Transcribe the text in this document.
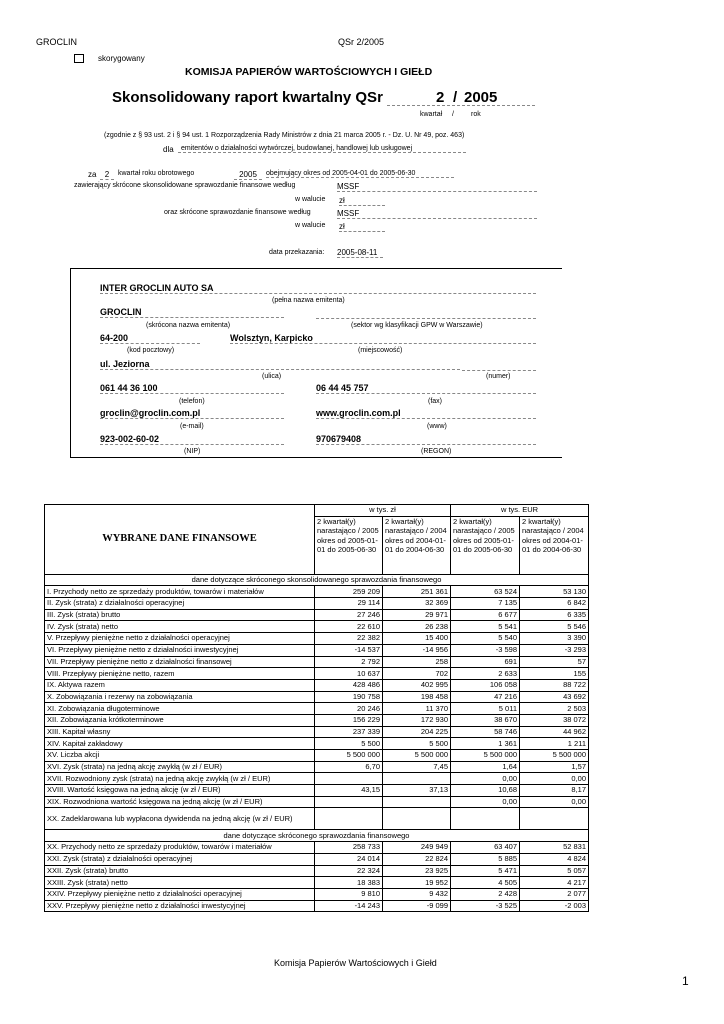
GROCLIN	QSr 2/2005
skorygowany
KOMISJA PAPIERÓW WARTOŚCIOWYCH I GIEŁD
Skonsolidowany raport kwartalny QSr	2 / 2005
kwartał / rok
(zgodnie z § 93 ust. 2 i § 94 ust. 1 Rozporządzenia Rady Ministrów z dnia 21 marca 2005 r. - Dz. U. Nr 49, poz. 463)
dla	emitentów o działalności wytwórczej, budowlanej, handlowej lub usługowej
za	2	kwartał roku obrotowego	2005	obejmujący okres od 2005-04-01 do 2005-06-30
zawierający skrócone skonsolidowane sprawozdanie finansowe według	MSSF
w walucie zł
oraz skrócone sprawozdanie finansowe według	MSSF
w walucie zł
data przekazania: 2005-08-11
INTER GROCLIN AUTO SA
(pełna nazwa emitenta)
GROCLIN
(skrócona nazwa emitenta)	(sektor wg klasyfikacji GPW w Warszawie)
64-200	Wolsztyn, Karpicko
(kod pocztowy)	(miejscowość)
ul. Jeziorna
(ulica)	(numer)
061 44 36 100	06 44 45 757
(telefon)	(fax)
groclin@groclin.com.pl	www.groclin.com.pl
(e-mail)	(www)
923-002-60-02	970679408
(NIP)	(REGON)
WYBRANE DANE FINANSOWE	w tys. zł		w tys. EUR	
	2 kwartał(y) narastająco / 2005 okres od 2005-01-01 do 2005-06-30	2 kwartał(y) narastająco / 2004 okres od 2004-01-01 do 2004-06-30	2 kwartał(y) narastająco / 2005 okres od 2005-01-01 do 2005-06-30	2 kwartał(y) narastająco / 2004 okres od 2004-01-01 do 2004-06-30
dane dotyczące skróconego skonsolidowanego sprawozdania finansowego				
I. Przychody netto ze sprzedaży produktów, towarów i materiałów	259 209	251 361	63 524	53 130
II. Zysk (strata) z działalności operacyjnej	29 114	32 369	7 135	6 842
III. Zysk (strata) brutto	27 246	29 971	6 677	6 335
IV. Zysk (strata) netto	22 610	26 238	5 541	5 546
V. Przepływy pieniężne netto z działalności operacyjnej	22 382	15 400	5 540	3 390
VI. Przepływy pieniężne netto z działalności inwestycyjnej	-14 537	-14 956	-3 598	-3 293
VII. Przepływy pieniężne netto z działalności finansowej	2 792	258	691	57
VIII. Przepływy pieniężne netto, razem	10 637	702	2 633	155
IX. Aktywa razem	428 486	402 995	106 058	88 722
X. Zobowiązania i rezerwy na zobowiązania	190 758	198 458	47 216	43 692
XI. Zobowiązania długoterminowe	20 246	11 370	5 011	2 503
XII. Zobowiązania krótkoterminowe	156 229	172 930	38 670	38 072
XIII. Kapitał własny	237 339	204 225	58 746	44 962
XIV. Kapitał zakładowy	5 500	5 500	1 361	1 211
XV. Liczba akcji	5 500 000	5 500 000	5 500 000	5 500 000
XVI. Zysk (strata) na jedną akcję zwykłą (w zł / EUR)	6,70	7,45	1,64	1,57
XVII. Rozwodniony zysk (strata) na jedną akcję zwykłą (w zł / EUR)			0,00	0,00
XVIII. Wartość księgowa na jedną akcję (w zł / EUR)	43,15	37,13	10,68	8,17
XIX. Rozwodniona wartość księgowa na jedną akcję (w zł / EUR)			0,00	0,00
XX. Zadeklarowana lub wypłacona dywidenda na jedną akcję (w zł / EUR)				
dane dotyczące skróconego sprawozdania finansowego				
XX. Przychody netto ze sprzedaży produktów, towarów i materiałów	258 733	249 949	63 407	52 831
XXI. Zysk (strata) z działalności operacyjnej	24 014	22 824	5 885	4 824
XXII. Zysk (strata) brutto	22 324	23 925	5 471	5 057
XXIII. Zysk (strata) netto	18 383	19 952	4 505	4 217
XXIV. Przepływy pieniężne netto z działalności operacyjnej	9 810	9 432	2 428	2 077
XXV. Przepływy pieniężne netto z działalności inwestycyjnej	-14 243	-9 099	-3 525	-2 003
Komisja Papierów Wartościowych i Giełd
1
